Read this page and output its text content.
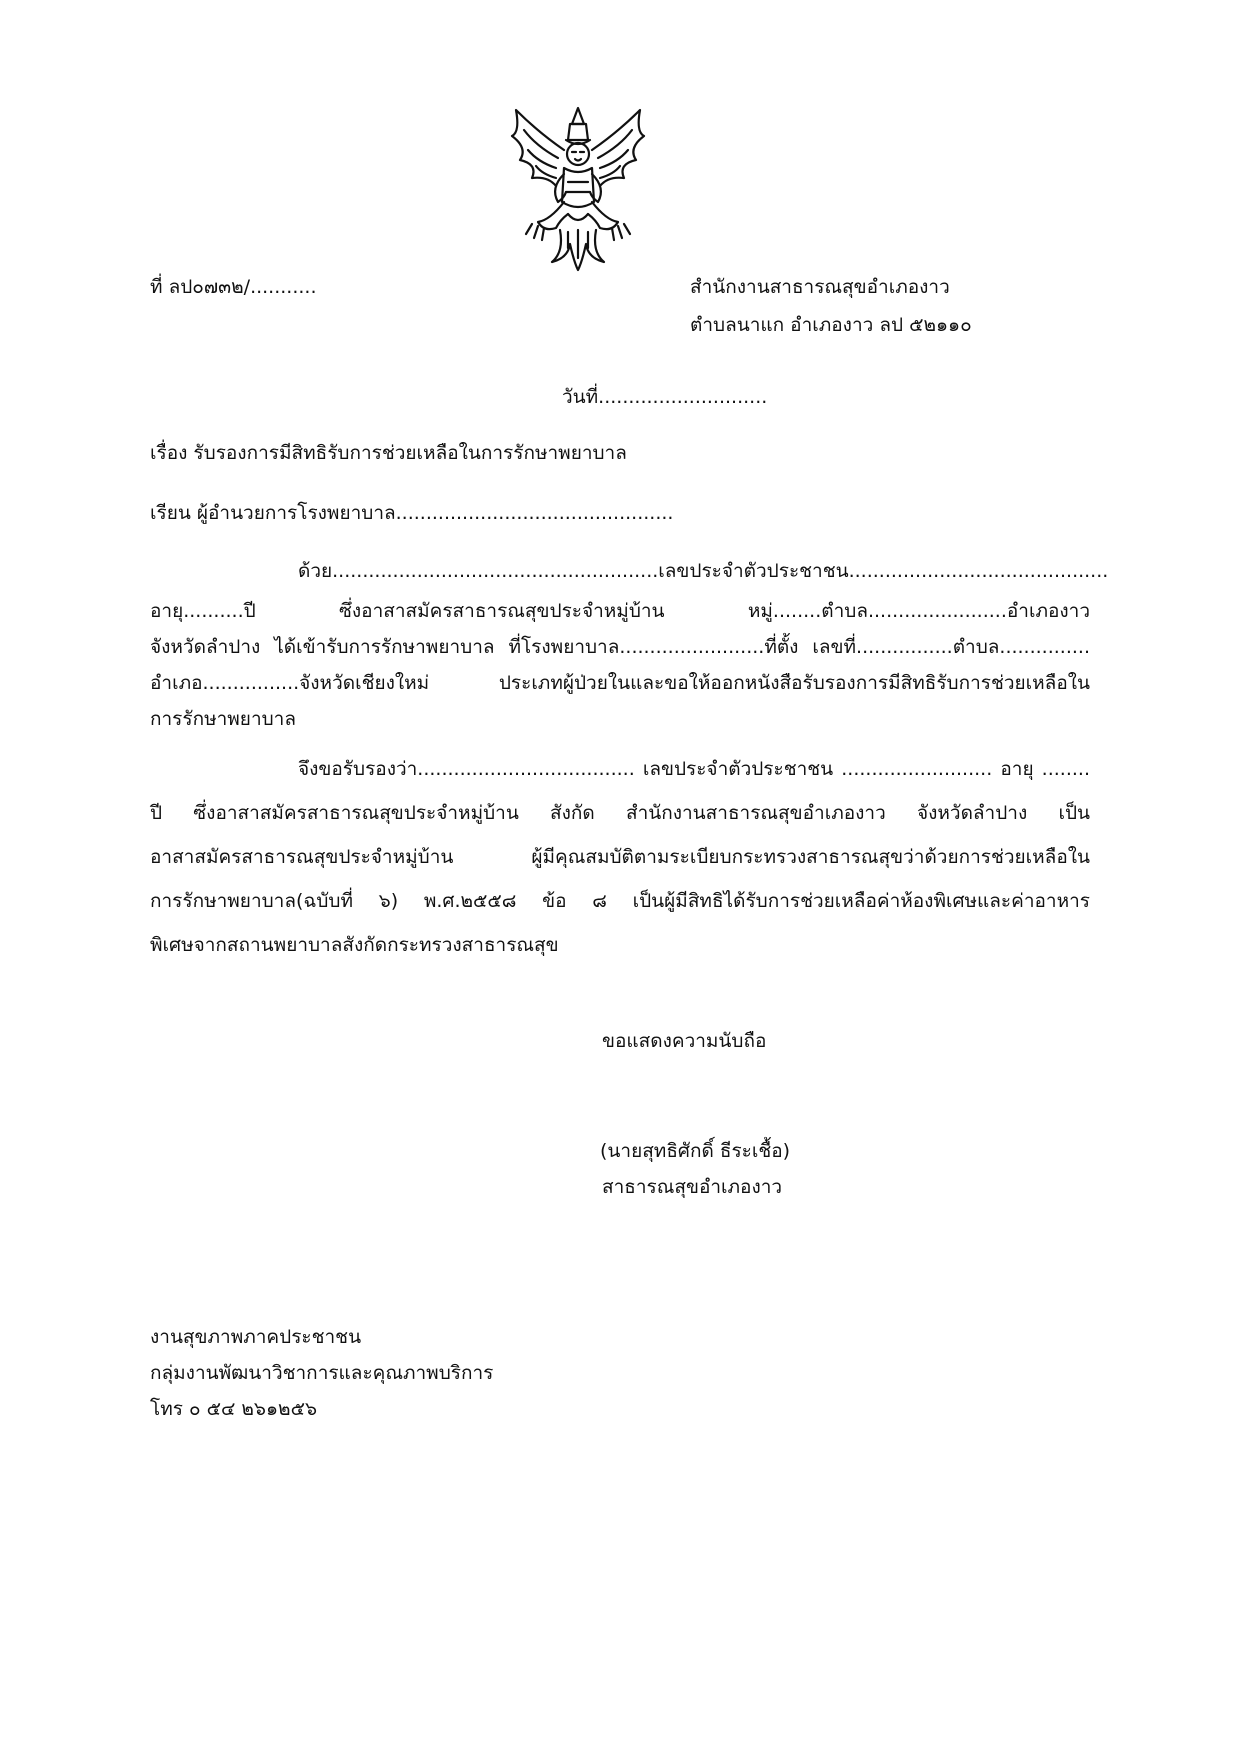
ที่ ลป๐๗๓๒/...........	สำนักงานสาธารณสุขอำเภองาว
ตำบลนาแก อำเภองาว ลป ๕๒๑๑๐
วันที่............................
เรื่อง รับรองการมีสิทธิรับการช่วยเหลือในการรักษาพยาบาล
เรียน ผู้อำนวยการโรงพยาบาล..............................................
ด้วย......................................................เลขประจำตัวประชาชน...........................................
อายุ..........ปี ซึ่งอาสาสมัครสาธารณสุขประจำหมู่บ้าน หมู่........ตำบล.......................อำเภองาว
จังหวัดลำปาง ได้เข้ารับการรักษาพยาบาล ที่โรงพยาบาล........................ที่ตั้ง เลขที่................ตำบล...............
อำเภอ................จังหวัดเชียงใหม่ ประเภทผู้ป่วยในและขอให้ออกหนังสือรับรองการมีสิทธิรับการช่วยเหลือใน
การรักษาพยาบาล
จึงขอรับรองว่า.................................... เลขประจำตัวประชาชน ......................... อายุ ........
ปี ซึ่งอาสาสมัครสาธารณสุขประจำหมู่บ้าน สังกัด สำนักงานสาธารณสุขอำเภองาว จังหวัดลำปาง เป็น
อาสาสมัครสาธารณสุขประจำหมู่บ้าน ผู้มีคุณสมบัติตามระเบียบกระทรวงสาธารณสุขว่าด้วยการช่วยเหลือใน
การรักษาพยาบาล(ฉบับที่ ๖) พ.ศ.๒๕๕๘ ข้อ ๘ เป็นผู้มีสิทธิได้รับการช่วยเหลือค่าห้องพิเศษและค่าอาหาร
พิเศษจากสถานพยาบาลสังกัดกระทรวงสาธารณสุข
ขอแสดงความนับถือ
(นายสุทธิศักดิ์ ธีระเชื้อ)
สาธารณสุขอำเภองาว
งานสุขภาพภาคประชาชน
กลุ่มงานพัฒนาวิชาการและคุณภาพบริการ
โทร ๐ ๕๔ ๒๖๑๒๕๖
